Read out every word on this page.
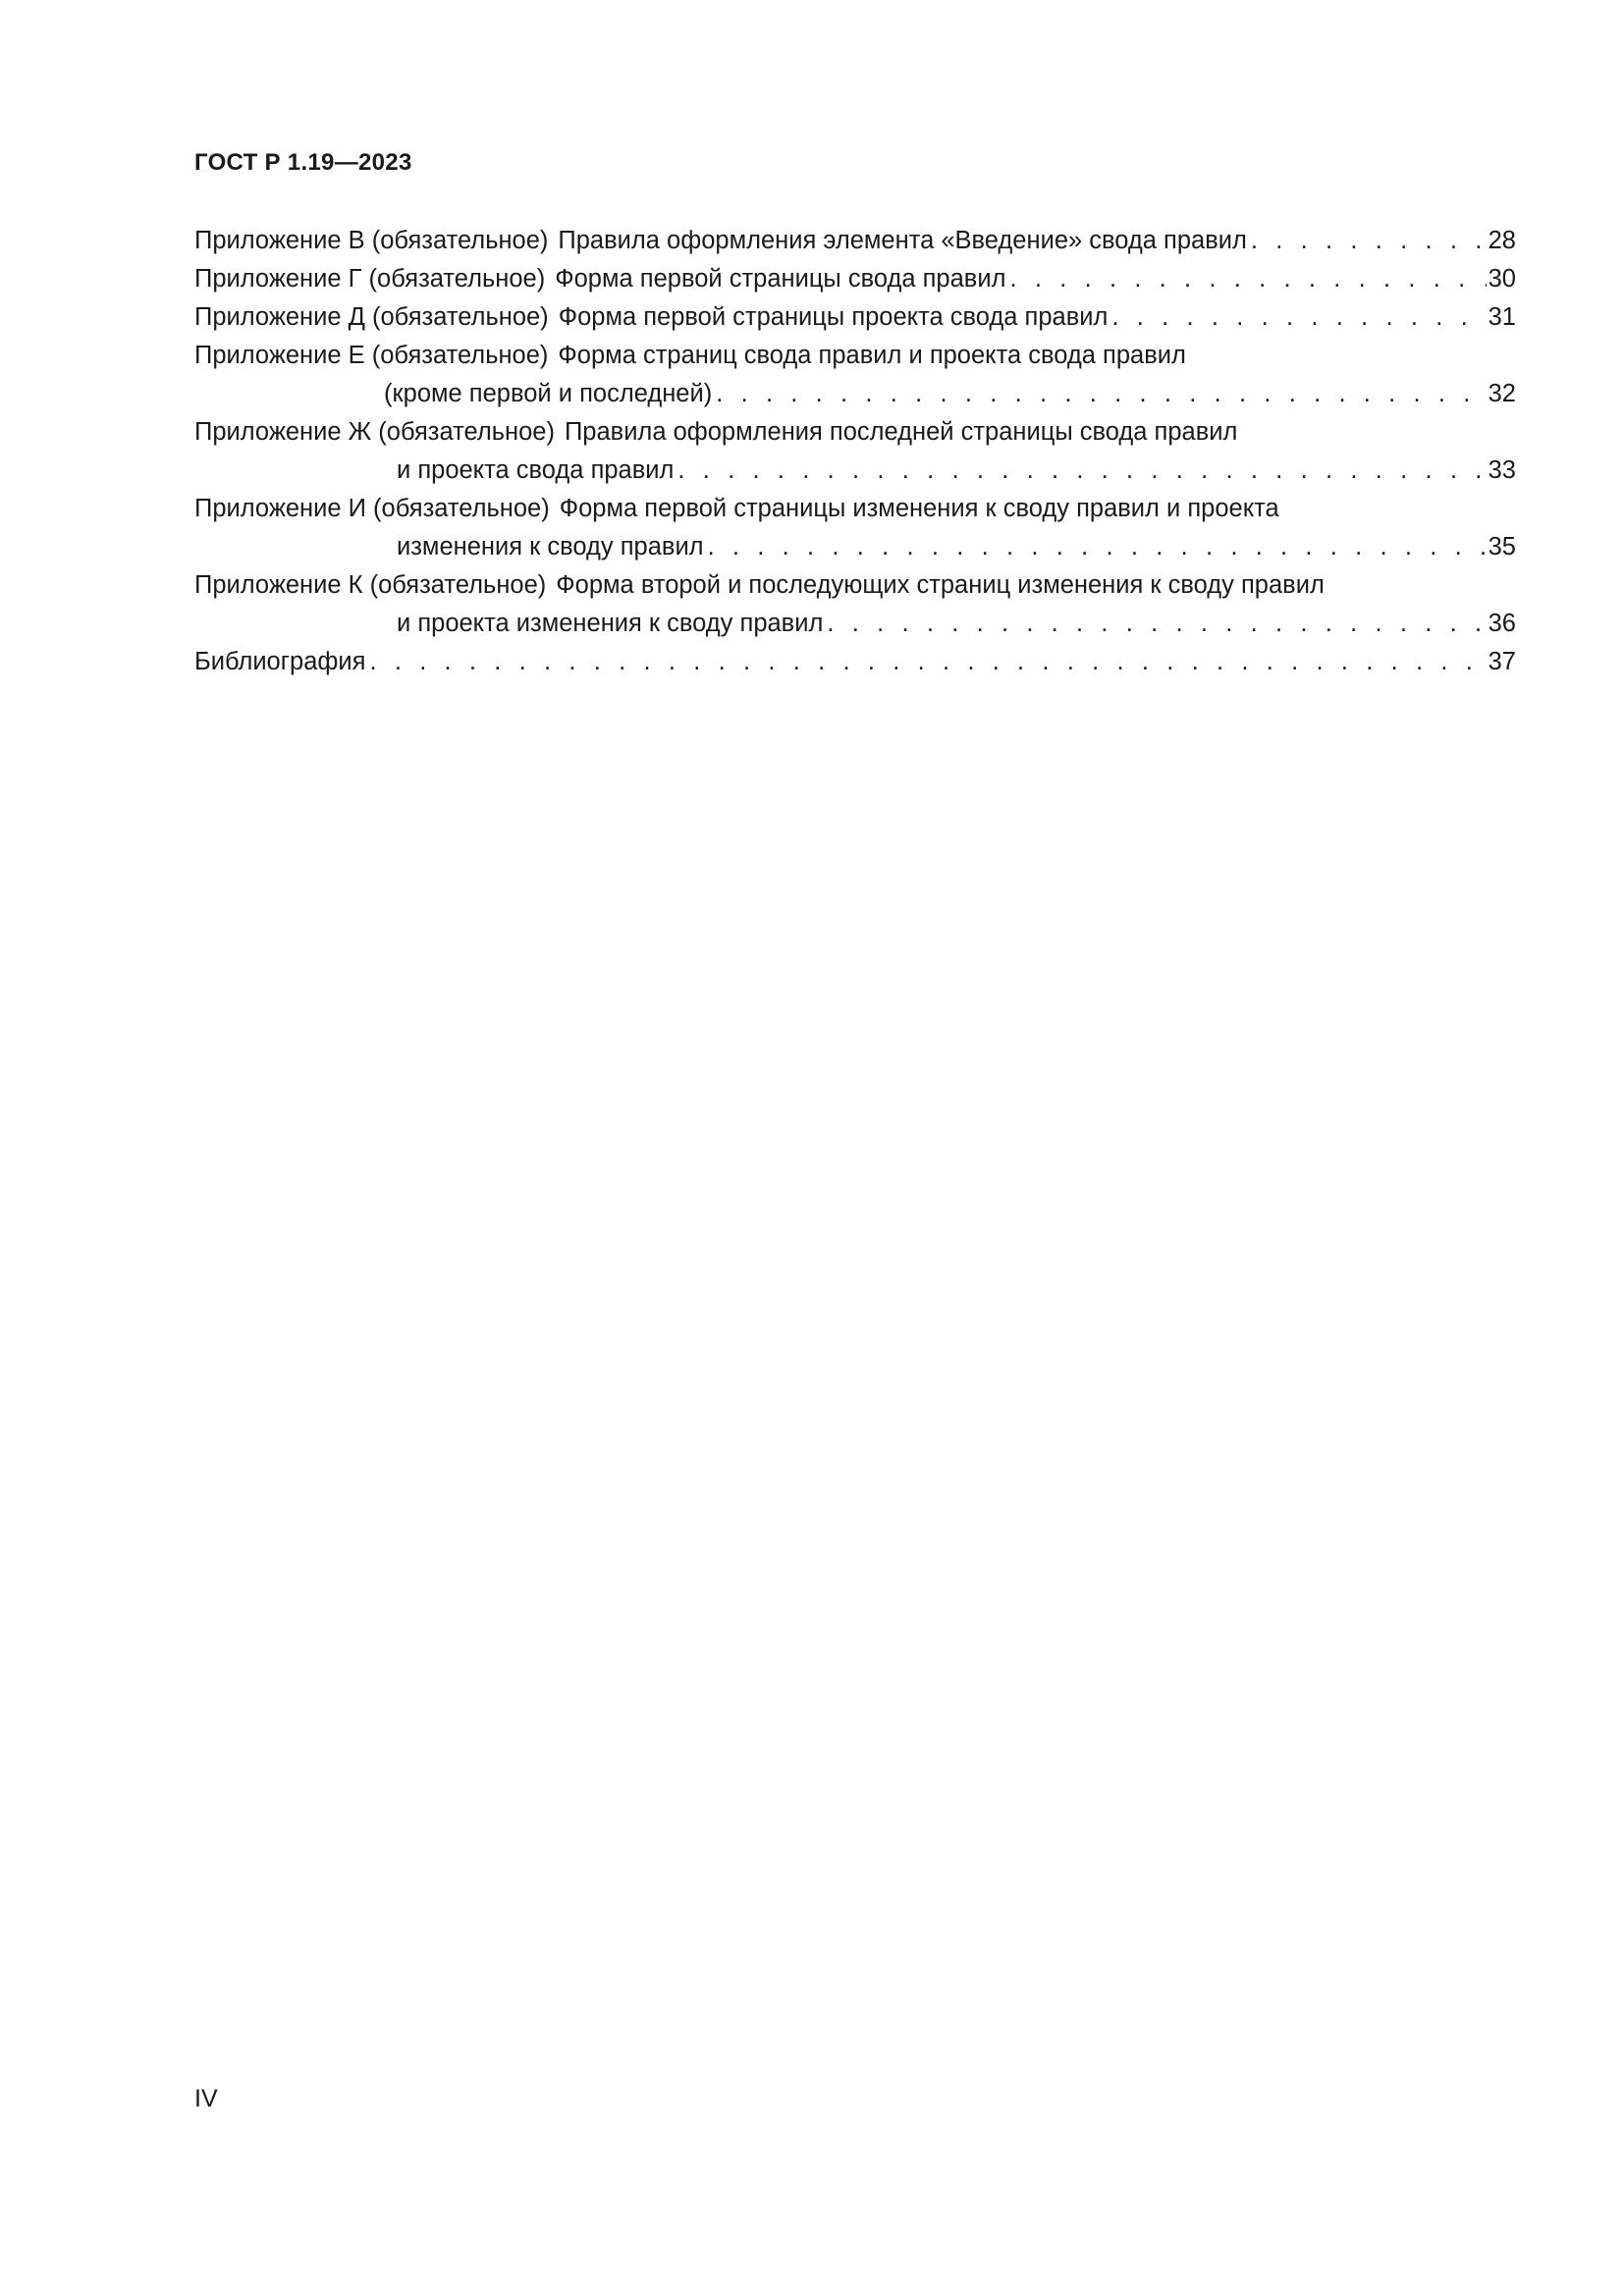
ГОСТ Р 1.19—2023
Приложение В (обязательное) Правила оформления элемента «Введение» свода правил . . .	28
Приложение Г (обязательное) Форма первой страницы свода правил . . .	30
Приложение Д (обязательное) Форма первой страницы проекта свода правил . . .	31
Приложение Е (обязательное) Форма страниц свода правил и проекта свода правил
(кроме первой и последней) . . .	32
Приложение Ж (обязательное) Правила оформления последней страницы свода правил
и проекта свода правил . . .	33
Приложение И (обязательное) Форма первой страницы изменения к своду правил и проекта
изменения к своду правил . . .	35
Приложение К (обязательное) Форма второй и последующих страниц изменения к своду правил
и проекта изменения к своду правил . . .	36
Библиография . . .	37
IV
